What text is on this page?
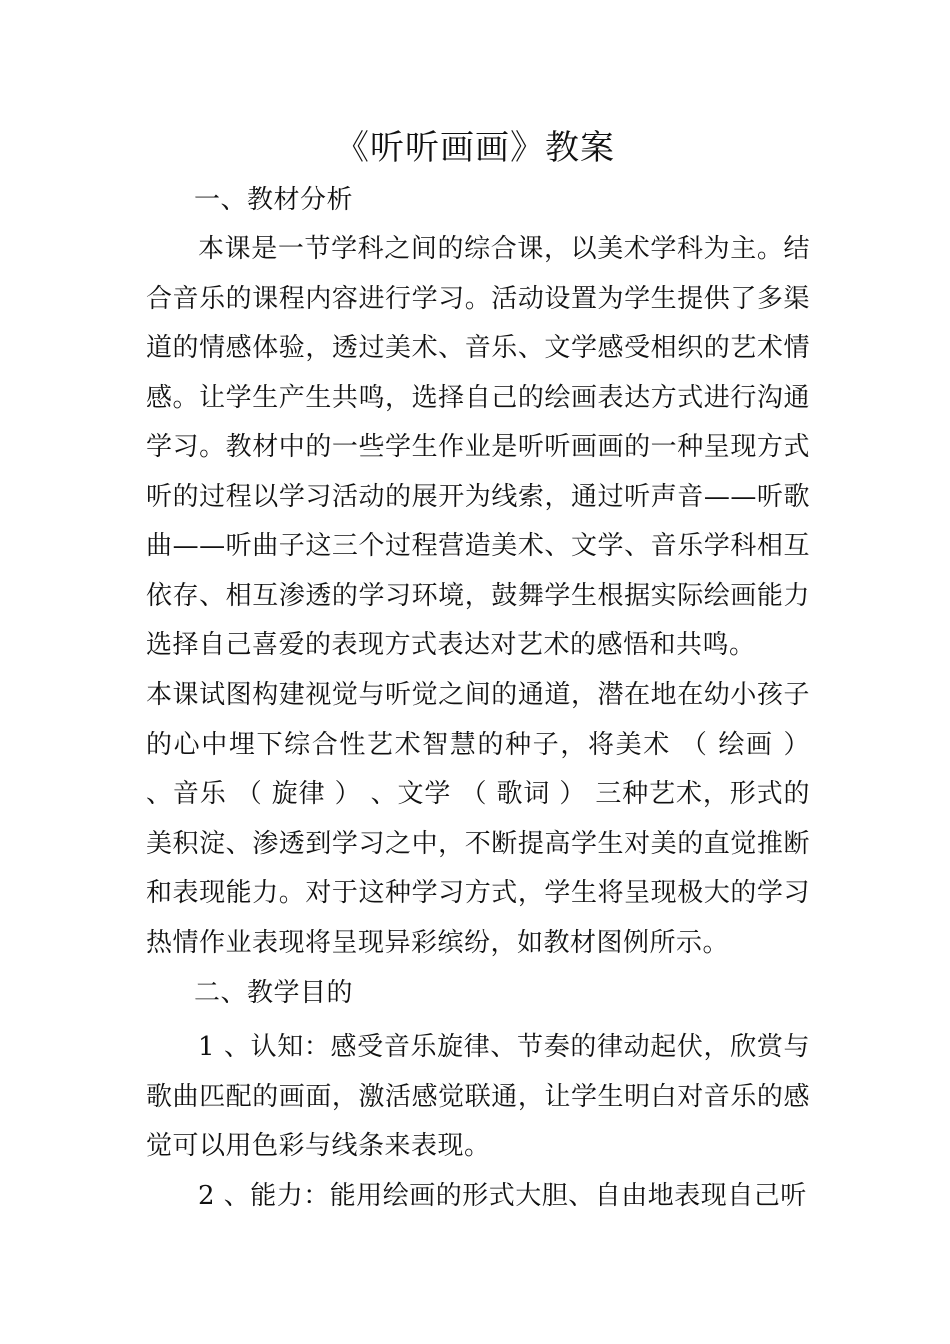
《听听画画》教案

一、教材分析

本课是一节学科之间的综合课，以美术学科为主。结合音乐的课程内容进行学习。活动设置为学生提供了多渠道的情感体验，透过美术、音乐、文学感受相织的艺术情感。让学生产生共鸣，选择自己的绘画表达方式进行沟通学习。教材中的一些学生作业是听听画画的一种呈现方式听的过程以学习活动的展开为线索，通过听声音——听歌曲——听曲子这三个过程营造美术、文学、音乐学科相互依存、相互渗透的学习环境，鼓舞学生根据实际绘画能力选择自己喜爱的表现方式表达对艺术的感悟和共鸣。

本课试图构建视觉与听觉之间的通道，潜在地在幼小孩子的心中埋下综合性艺术智慧的种子，将美术 （ 绘画 ） 、音乐 （ 旋律 ） 、文学 （ 歌词 ） 三种艺术，形式的美积淀、渗透到学习之中，不断提高学生对美的直觉推断和表现能力。对于这种学习方式，学生将呈现极大的学习热情作业表现将呈现异彩缤纷，如教材图例所示。

二、教学目的

1 、认知：感受音乐旋律、节奏的律动起伏，欣赏与歌曲匹配的画面，激活感觉联通，让学生明白对音乐的感觉可以用色彩与线条来表现。

2 、能力：能用绘画的形式大胆、自由地表现自己听
